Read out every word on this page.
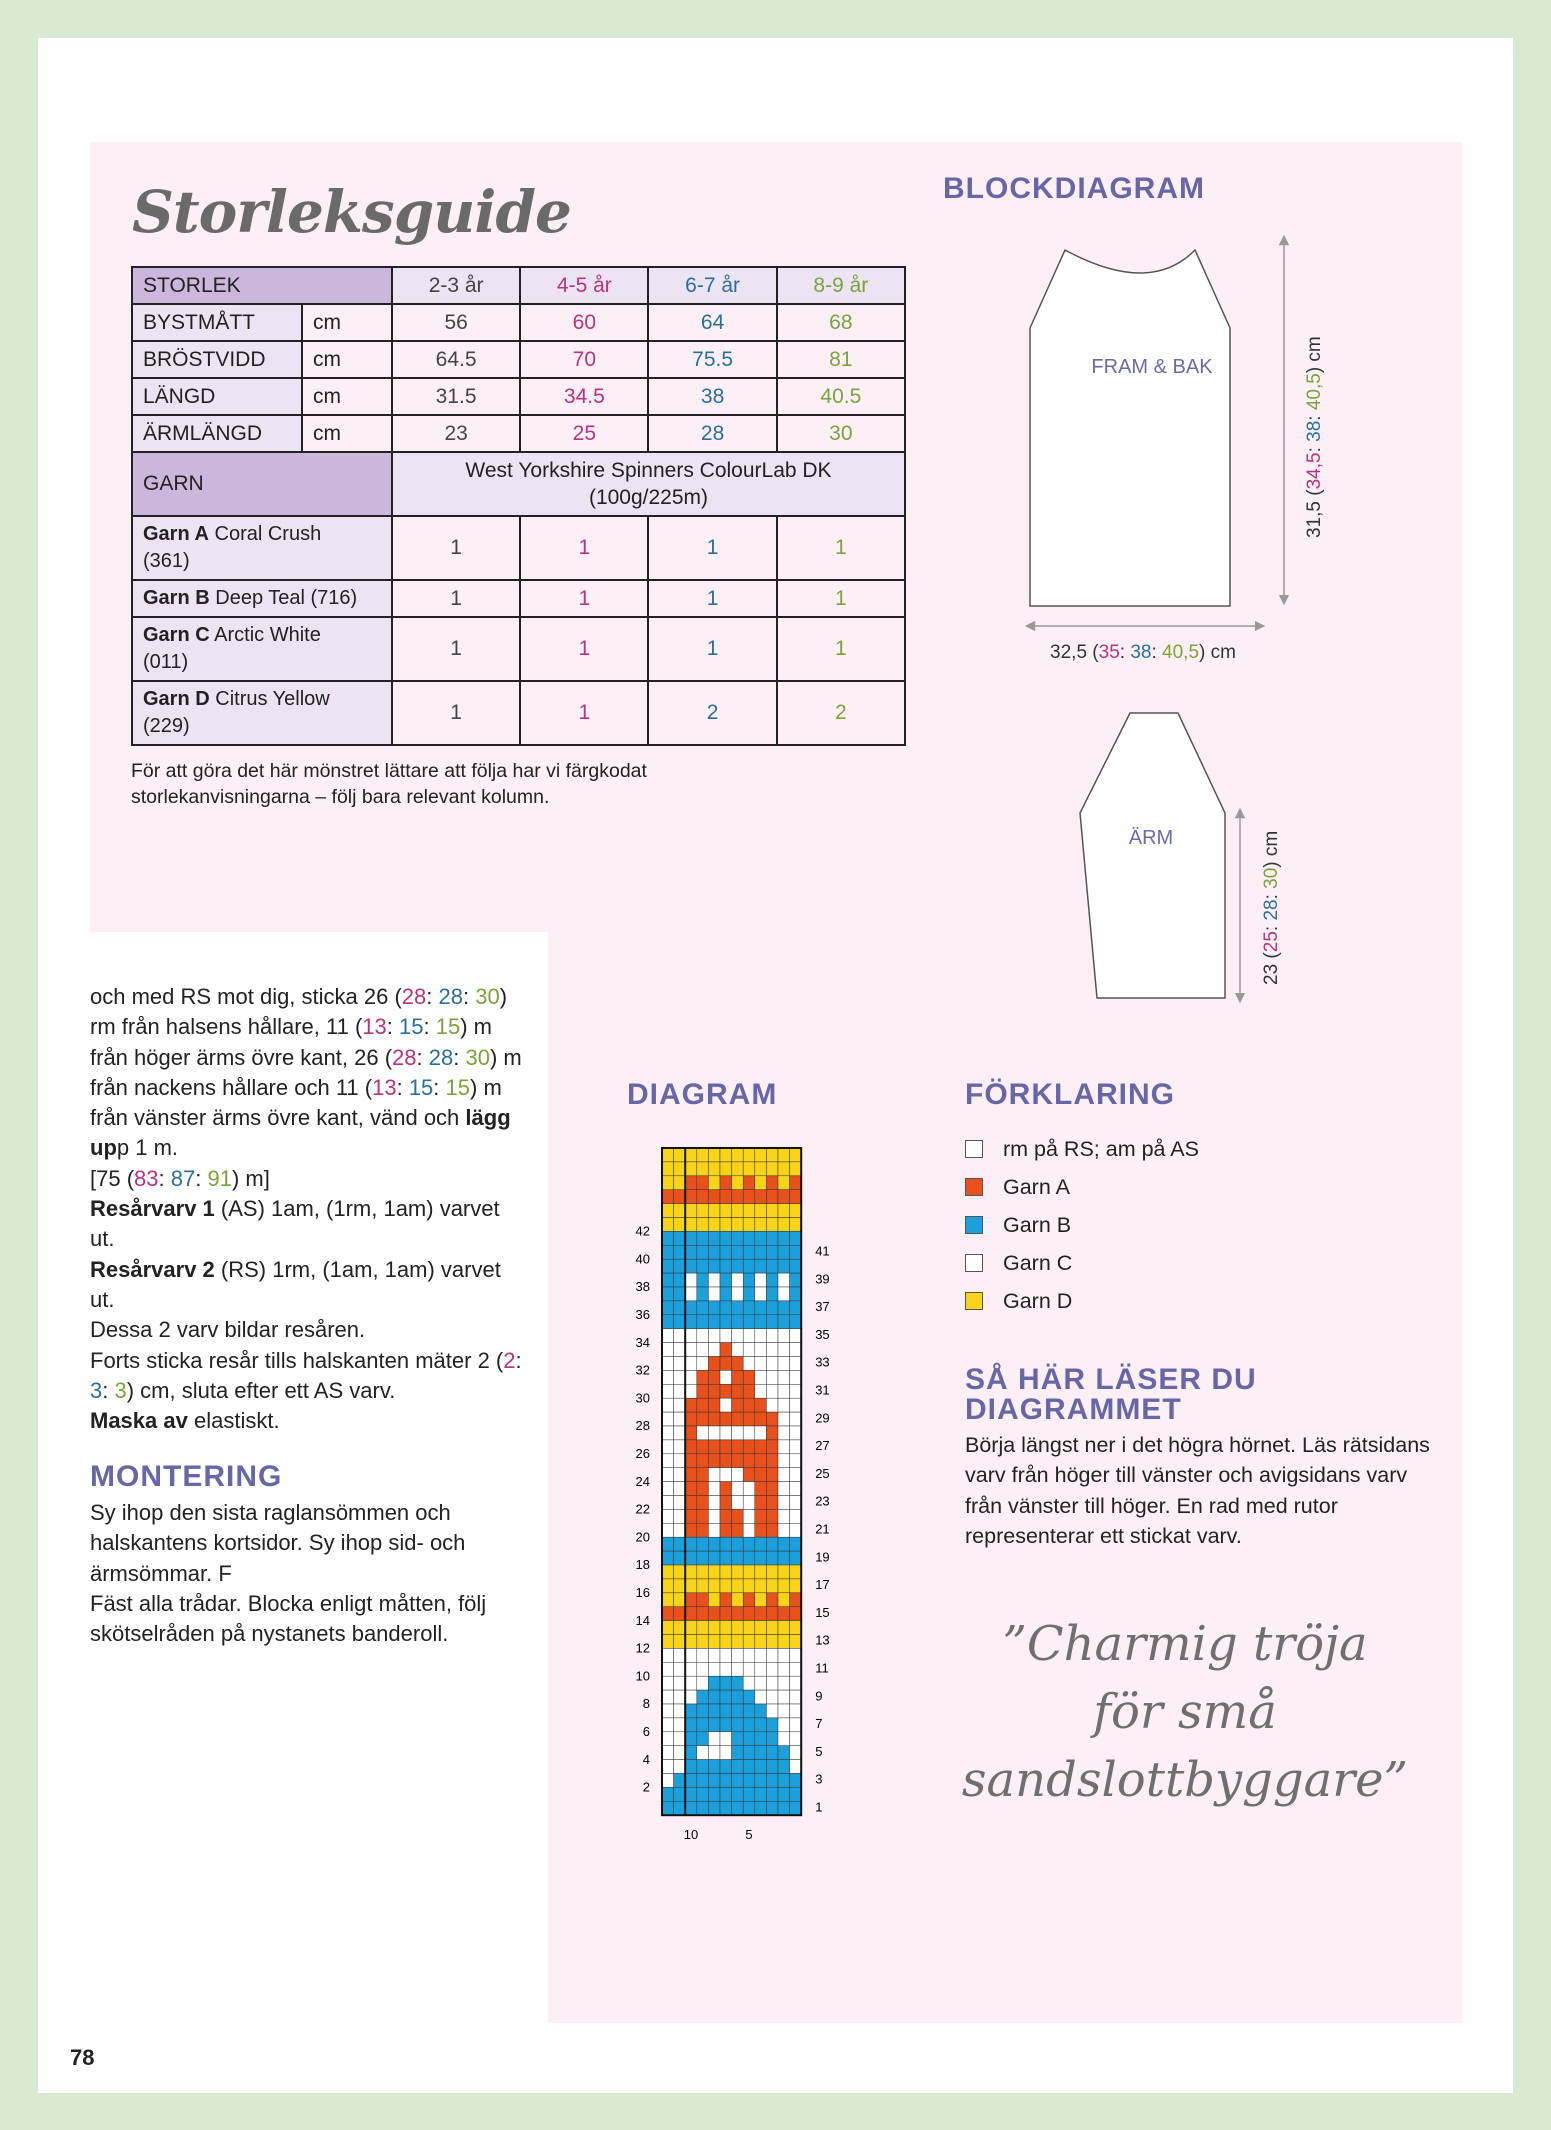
Storleksguide
STORLEK		2-3 år	4-5 år	6-7 år	8-9 år
BYSTMÅTT	cm	56	60	64	68
BRÖSTVIDD	cm	64.5	70	75.5	81
LÄNGD	cm	31.5	34.5	38	40.5
ÄRMLÄNGD	cm	23	25	28	30
GARN		West Yorkshire Spinners ColourLab DK
(100g/225m)			

Garn A Coral Crush
(361)		1	1	1	1
Garn B Deep Teal (716)		1	1	1	1
Garn C Arctic White
(011)		1	1	1	1
Garn D Citrus Yellow
(229)		1	1	2	2
För att göra det här mönstret lättare att följa har vi färgkodat
storlekanvisningarna – följ bara relevant kolumn.
BLOCKDIAGRAM
FRAM & BAK
31,5 (34,5: 38: 40,5) cm
32,5 (35: 38: 40,5) cm
ÄRM
23 (25: 28: 30) cm

och med RS mot dig, sticka 26 (28: 28: 30) rm från halsens hållare, 11 (13: 15: 15) m från höger ärms övre kant, 26 (28: 28: 30) m från nackens hållare och 11 (13: 15: 15) m från vänster ärms övre kant, vänd och lägg upp 1 m.

[75 (83: 87: 91) m]

Resårvarv 1 (AS) 1am, (1rm, 1am) varvet ut.

Resårvarv 2 (RS) 1rm, (1am, 1am) varvet ut.

Dessa 2 varv bildar resåren.

Forts sticka resår tills halskanten mäter 2 (2: 3: 3) cm, sluta efter ett AS varv.

Maska av elastiskt.

MONTERING

Sy ihop den sista raglansömmen och halskantens kortsidor. Sy ihop sid- och ärmsömmar. F

Fäst alla trådar. Blocka enligt måtten, följ skötselråden på nystanets banderoll.

DIAGRAM
42
40
38
36
34
32
30
28
26
24
22
20
18
16
14
12
10
8
6
4
2
41
39
37
35
33
31
29
27
25
23
21
19
17
15
13
11
9
7
5
3
1
10	5
FÖRKLARING
rm på RS; am på AS
Garn A
Garn B
Garn C
Garn D
SÅ HÄR LÄSER DU DIAGRAMMET
Börja längst ner i det högra hörnet. Läs rätsidans varv från höger till vänster och avigsidans varv från vänster till höger. En rad med rutor representerar ett stickat varv.
”Charmig tröja
för små
sandslottbyggare”
78
